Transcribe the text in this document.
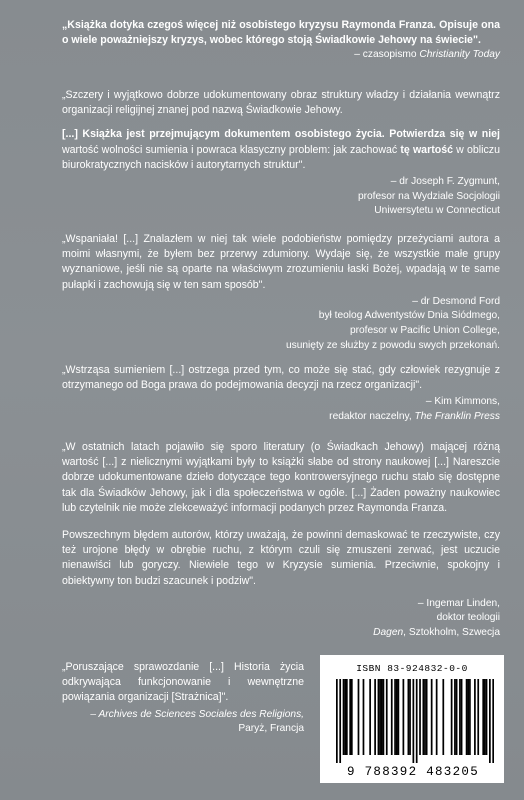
„Książka dotyka czegoś więcej niż osobistego kryzysu Raymonda Franza. Opisuje ona o wiele poważniejszy kryzys, wobec którego stoją Świadkowie Jehowy na świecie".

– czasopismo Christianity Today

„Szczery i wyjątkowo dobrze udokumentowany obraz struktury władzy i działania wewnątrz organizacji religijnej znanej pod nazwą Świadkowie Jehowy.

[...] Książka jest przejmującym dokumentem osobistego życia. Potwierdza się w niej wartość wolności sumienia i powraca klasyczny problem: jak zachować tę wartość w obliczu biurokratycznych nacisków i autorytarnych struktur".

– dr Joseph F. Zygmunt,

profesor na Wydziale Socjologii

Uniwersytetu w Connecticut

„Wspaniała! [...] Znalazłem w niej tak wiele podobieństw pomiędzy przeżyciami autora a moimi własnymi, że byłem bez przerwy zdumiony. Wydaje się, że wszystkie małe grupy wyznaniowe, jeśli nie są oparte na właściwym zrozumieniu łaski Bożej, wpadają w te same pułapki i zachowują się w ten sam sposób".

– dr Desmond Ford

był teolog Adwentystów Dnia Siódmego,

profesor w Pacific Union College,

usunięty ze służby z powodu swych przekonań.

„Wstrząsa sumieniem [...] ostrzega przed tym, co może się stać, gdy człowiek rezygnuje z otrzymanego od Boga prawa do podejmowania decyzji na rzecz organizacji".

– Kim Kimmons,

redaktor naczelny, The Franklin Press

„W ostatnich latach pojawiło się sporo literatury (o Świadkach Jehowy) mającej różną wartość [...] z nielicznymi wyjątkami były to książki słabe od strony naukowej [...] Nareszcie dobrze udokumentowane dzieło dotyczące tego kontrowersyjnego ruchu stało się dostępne tak dla Świadków Jehowy, jak i dla społeczeństwa w ogóle. [...] Żaden poważny naukowiec lub czytelnik nie może zlekceważyć informacji podanych przez Raymonda Franza.

Powszechnym błędem autorów, którzy uważają, że powinni demaskować te rzeczywiste, czy też urojone błędy w obrębie ruchu, z którym czuli się zmuszeni zerwać, jest uczucie nienawiści lub goryczy. Niewiele tego w Kryzysie sumienia. Przeciwnie, spokojny i obiektywny ton budzi szacunek i podziw".

– Ingemar Linden,

doktor teologii

Dagen, Sztokholm, Szwecja

„Poruszające sprawozdanie [...] Historia życia odkrywająca funkcjonowanie i wewnętrzne powiązania organizacji [Strażnica]".

– Archives de Sciences Sociales des Religions,

Paryż, Francja

ISBN 83-924832-0-0
9 788392 483205
